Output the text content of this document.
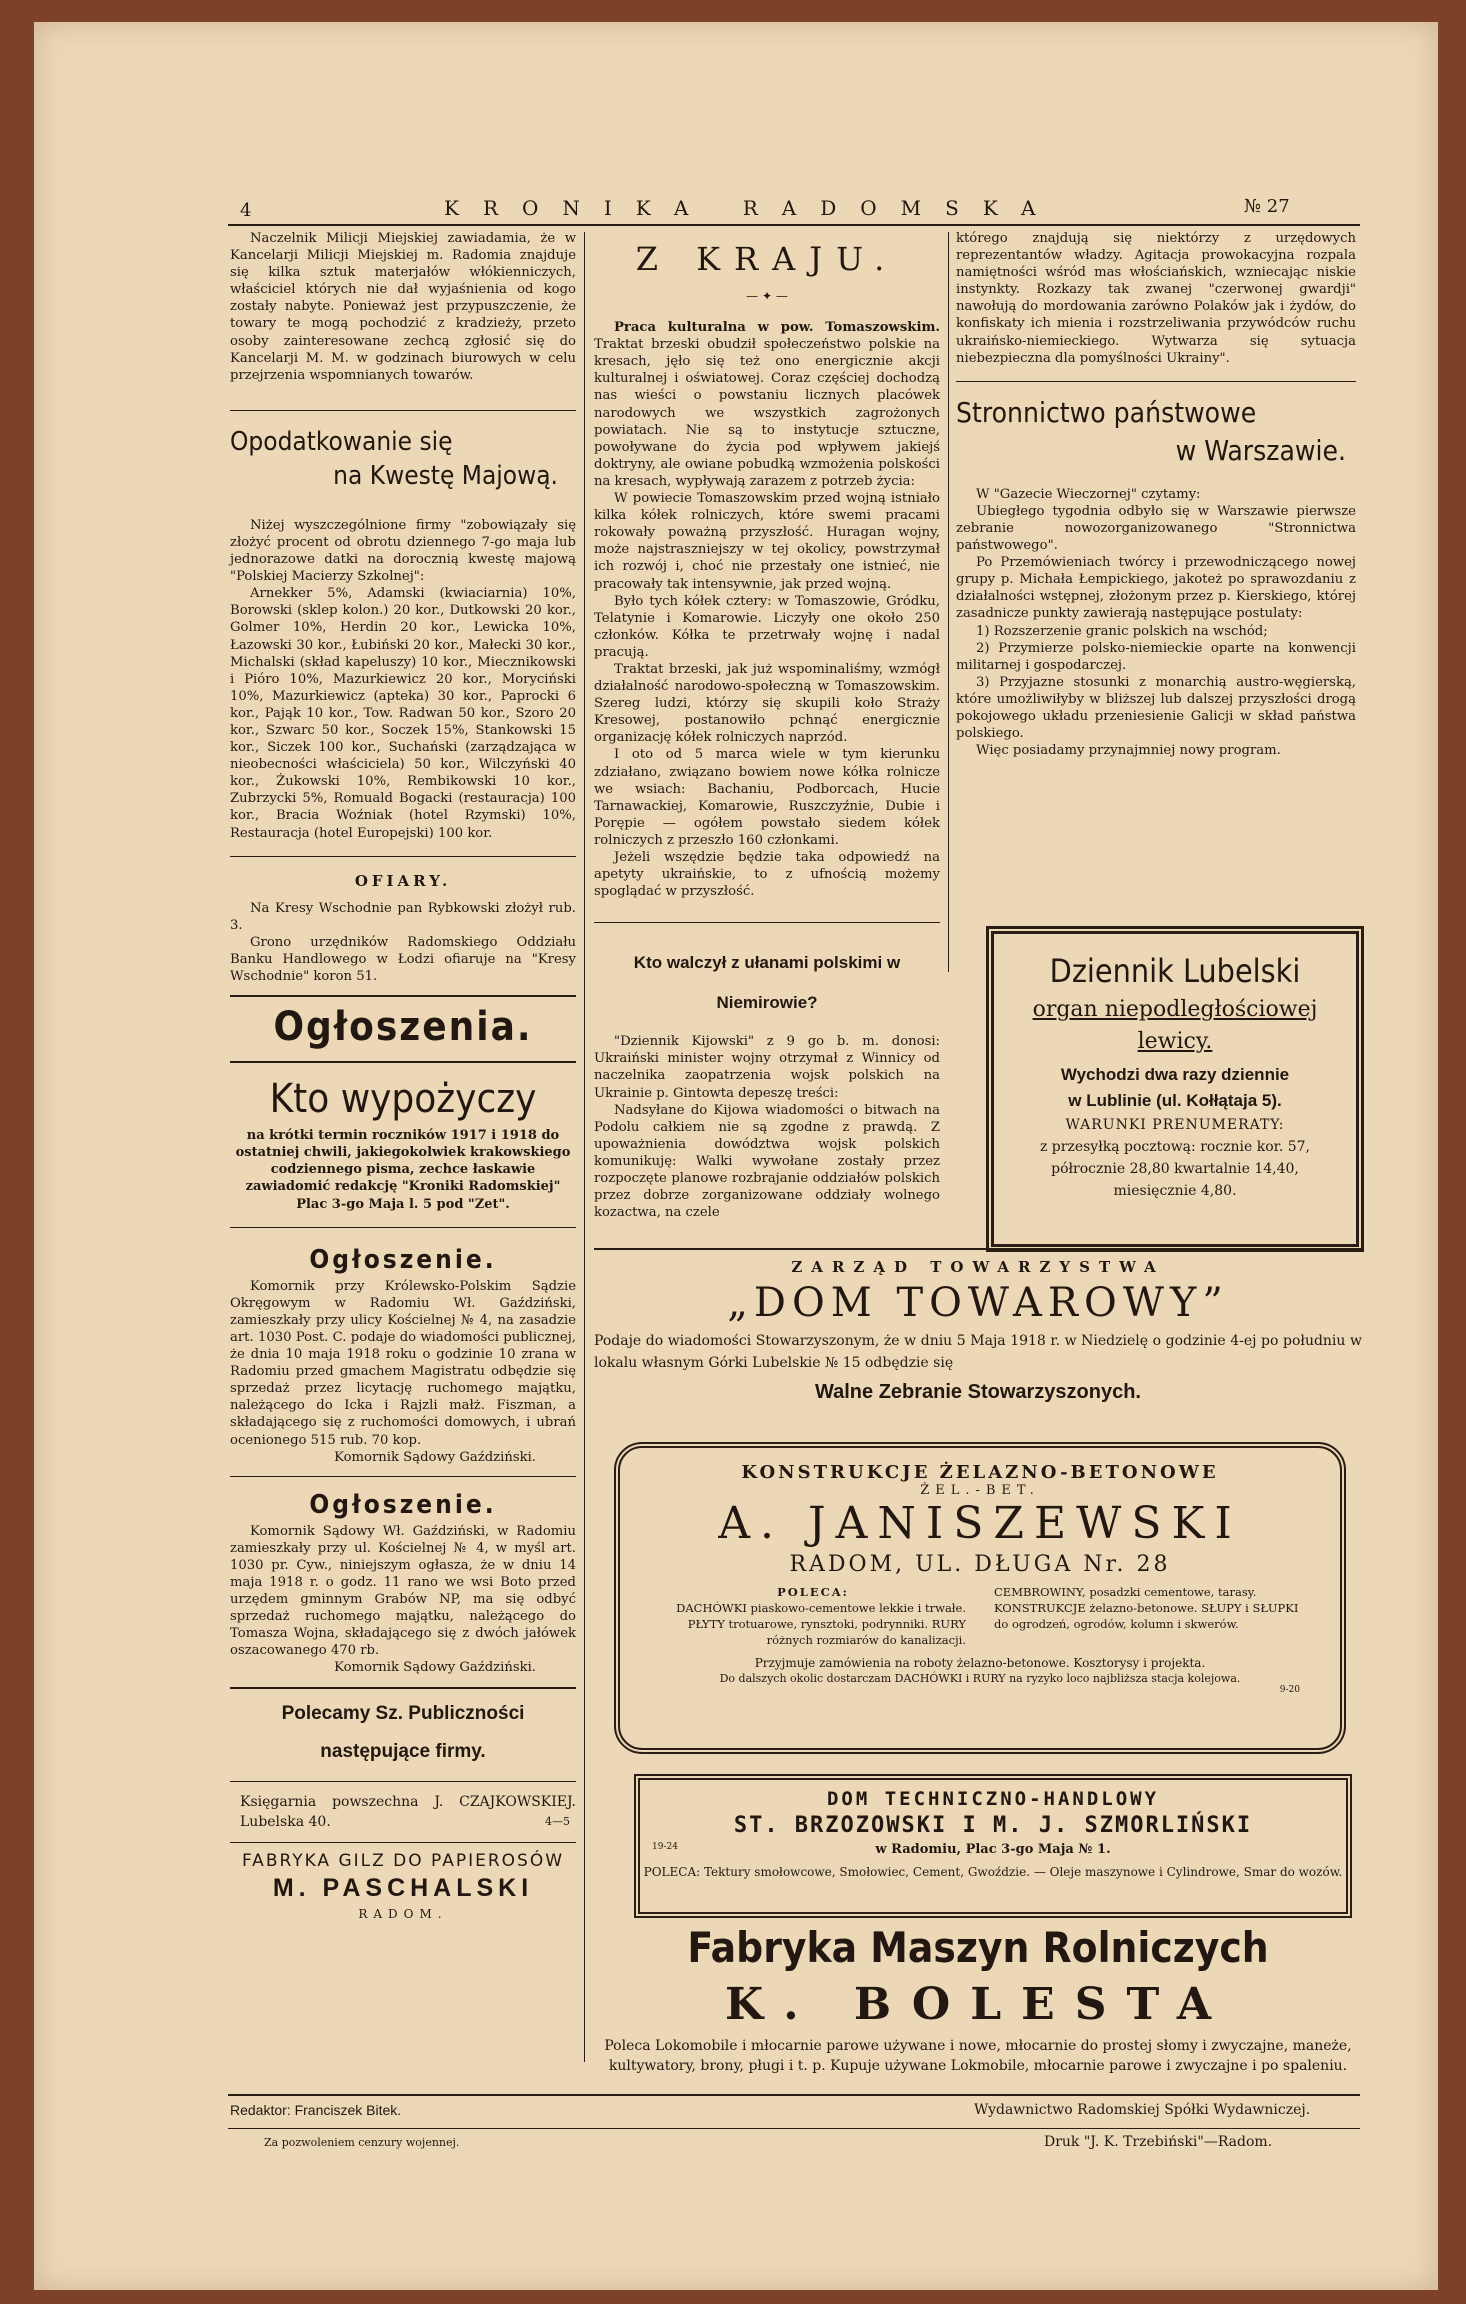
4	KRONIKA RADOMSKA	№ 27

Naczelnik Milicji Miejskiej zawiadamia, że w Kancelarji Milicji Miejskiej m. Radomia znajduje się kilka sztuk materjałów włókienniczych, właściciel których nie dał wyjaśnienia od kogo zostały nabyte. Ponieważ jest przypuszczenie, że towary te mogą pochodzić z kradzieży, przeto osoby zainteresowane zechcą zgłosić się do Kancelarji M. M. w godzinach biurowych w celu przejrzenia wspomnianych towarów.

Opodatkowanie się
na Kwestę Majową.

Niżej wyszczególnione firmy "zobowiązały się złożyć procent od obrotu dziennego 7-go maja lub jednorazowe datki na dorocznią kwestę majową "Polskiej Macierzy Szkolnej":

Arnekker 5%, Adamski (kwiaciarnia) 10%, Borowski (sklep kolon.) 20 kor., Dutkowski 20 kor., Golmer 10%, Herdin 20 kor., Lewicka 10%, Łazowski 30 kor., Łubiński 20 kor., Małecki 30 kor., Michalski (skład kapeluszy) 10 kor., Miecznikowski i Pióro 10%, Mazurkiewicz 20 kor., Moryciński 10%, Mazurkiewicz (apteka) 30 kor., Paprocki 6 kor., Pająk 10 kor., Tow. Radwan 50 kor., Szoro 20 kor., Szwarc 50 kor., Soczek 15%, Stankowski 15 kor., Siczek 100 kor., Suchański (zarządzająca w nieobecności właściciela) 50 kor., Wilczyński 40 kor., Żukowski 10%, Rembikowski 10 kor., Zubrzycki 5%, Romuald Bogacki (restauracja) 100 kor., Bracia Woźniak (hotel Rzymski) 10%, Restauracja (hotel Europejski) 100 kor.

OFIARY.

Na Kresy Wschodnie pan Rybkowski złożył rub. 3.

Grono urzędników Radomskiego Oddziału Banku Handlowego w Łodzi ofiaruje na "Kresy Wschodnie" koron 51.

Ogłoszenia.
Kto wypożyczy
na krótki termin roczników 1917 i 1918 do ostatniej chwili, jakiegokolwiek krakowskiego codziennego pisma, zechce łaskawie zawiadomić redakcję "Kroniki Radomskiej" Plac 3-go Maja l. 5 pod "Zet".
Ogłoszenie.

Komornik przy Królewsko-Polskim Sądzie Okręgowym w Radomiu Wł. Gaździński, zamieszkały przy ulicy Kościelnej № 4, na zasadzie art. 1030 Post. C. podaje do wiadomości publicznej, że dnia 10 maja 1918 roku o godzinie 10 zrana w Radomiu przed gmachem Magistratu odbędzie się sprzedaż przez licytację ruchomego majątku, należącego do Icka i Rajzli małż. Fiszman, a składającego się z ruchomości domowych, i ubrań ocenionego 515 rub. 70 kop.

Komornik Sądowy Gaździński.
Ogłoszenie.

Komornik Sądowy Wł. Gaździński, w Radomiu zamieszkały przy ul. Kościelnej № 4, w myśl art. 1030 pr. Cyw., niniejszym ogłasza, że w dniu 14 maja 1918 r. o godz. 11 rano we wsi Boto przed urzędem gminnym Grabów NP, ma się odbyć sprzedaż ruchomego majątku, należącego do Tomasza Wojna, składającego się z dwóch jałówek oszacowanego 470 rb.

Komornik Sądowy Gaździński.
Polecamy Sz. Publiczności następujące firmy.
Księgarnia powszechna J. CZAJKOWSKIEJ. Lubelska 40.	4—5
FABRYKA GILZ DO PAPIEROSÓW
M. PASCHALSKI
RADOM.
Z KRAJU.
— ✦ —

Praca kulturalna w pow. Tomaszowskim. Traktat brzeski obudził społeczeństwo polskie na kresach, jęło się też ono energicznie akcji kulturalnej i oświatowej. Coraz częściej dochodzą nas wieści o powstaniu licznych placówek narodowych we wszystkich zagrożonych powiatach. Nie są to instytucje sztuczne, powoływane do życia pod wpływem jakiejś doktryny, ale owiane pobudką wzmożenia polskości na kresach, wypływają zarazem z potrzeb życia:

W powiecie Tomaszowskim przed wojną istniało kilka kółek rolniczych, które swemi pracami rokowały poważną przyszłość. Huragan wojny, może najstraszniejszy w tej okolicy, powstrzymał ich rozwój i, choć nie przestały one istnieć, nie pracowały tak intensywnie, jak przed wojną.

Było tych kółek cztery: w Tomaszowie, Gródku, Telatynie i Komarowie. Liczyły one około 250 członków. Kółka te przetrwały wojnę i nadal pracują.

Traktat brzeski, jak już wspominaliśmy, wzmógł działalność narodowo-społeczną w Tomaszowskim. Szereg ludzi, którzy się skupili koło Straży Kresowej, postanowiło pchnąć energicznie organizację kółek rolniczych naprzód.

I oto od 5 marca wiele w tym kierunku zdziałano, związano bowiem nowe kółka rolnicze we wsiach: Bachaniu, Podborcach, Hucie Tarnawackiej, Komarowie, Ruszczyźnie, Dubie i Porępie — ogółem powstało siedem kółek rolniczych z przeszło 160 członkami.

Jeżeli wszędzie będzie taka odpowiedź na apetyty ukraińskie, to z ufnością możemy spoglądać w przyszłość.

Kto walczył z ułanami polskimi w Niemirowie?

"Dziennik Kijowski" z 9 go b. m. donosi: Ukraiński minister wojny otrzymał z Winnicy od naczelnika zaopatrzenia wojsk polskich na Ukrainie p. Gintowta depeszę treści:

Nadsyłane do Kijowa wiadomości o bitwach na Podolu całkiem nie są zgodne z prawdą. Z upoważnienia dowództwa wojsk polskich komunikuję: Walki wywołane zostały przez rozpoczęte planowe rozbrajanie oddziałów polskich przez dobrze zorganizowane oddziały wolnego kozactwa, na czele

którego znajdują się niektórzy z urzędowych reprezentantów władzy. Agitacja prowokacyjna rozpala namiętności wśród mas włościańskich, wzniecając niskie instynkty. Rozkazy tak zwanej "czerwonej gwardji" nawołują do mordowania zarówno Polaków jak i żydów, do konfiskaty ich mienia i rozstrzeliwania przywódców ruchu ukraińsko-niemieckiego. Wytwarza się sytuacja niebezpieczna dla pomyślności Ukrainy".

Stronnictwo państwowe
w Warszawie.

W "Gazecie Wieczornej" czytamy:

Ubiegłego tygodnia odbyło się w Warszawie pierwsze zebranie nowozorganizowanego "Stronnictwa państwowego".

Po Przemówieniach twórcy i przewodniczącego nowej grupy p. Michała Łempickiego, jakoteż po sprawozdaniu z działalności wstępnej, złożonym przez p. Kierskiego, której zasadnicze punkty zawierają następujące postulaty:

1) Rozszerzenie granic polskich na wschód;

2) Przymierze polsko-niemieckie oparte na konwencji militarnej i gospodarczej.

3) Przyjazne stosunki z monarchią austro-węgierską, które umożliwiłyby w bliższej lub dalszej przyszłości drogą pokojowego układu przeniesienie Galicji w skład państwa polskiego.

Więc posiadamy przynajmniej nowy program.

Dziennik Lubelski
organ niepodległościowej lewicy.
Wychodzi dwa razy dziennie
w Lublinie (ul. Kołłątaja 5).
WARUNKI PRENUMERATY:
z przesyłką pocztową: rocznie kor. 57, półrocznie 28,80 kwartalnie 14,40, miesięcznie 4,80.
ZARZĄD TOWARZYSTWA
„DOM TOWAROWY”
Podaje do wiadomości Stowarzyszonym, że w dniu 5 Maja 1918 r. w Niedzielę o godzinie 4-ej po południu w lokalu własnym Górki Lubelskie № 15 odbędzie się
Walne Zebranie Stowarzyszonych.
KONSTRUKCJE ŻELAZNO-BETONOWE
ŻEL.-BET.
A. JANISZEWSKI
RADOM, UL. DŁUGA Nr. 28
POLECA:
DACHÓWKI piaskowo-cementowe lekkie i trwałe. PŁYTY trotuarowe, rynsztoki, podrynniki. RURY różnych rozmiarów do kanalizacji.
CEMBROWINY, posadzki cementowe, tarasy. KONSTRUKCJE żelazno-betonowe. SŁUPY i SŁUPKI do ogrodzeń, ogrodów, kolumn i skwerów.
Przyjmuje zamówienia na roboty żelazno-betonowe. Kosztorysy i projekta.
Do dalszych okolic dostarczam DACHÓWKI i RURY na ryzyko loco najbliższa stacja kolejowa.
9-20
DOM TECHNICZNO-HANDLOWY
ST. BRZOZOWSKI I M. J. SZMORLIŃSKI
19-24	w Radomiu, Plac 3-go Maja № 1.
POLECA: Tektury smołowcowe, Smołowiec, Cement, Gwoździe. — Oleje maszynowe i Cylindrowe, Smar do wozów.
Fabryka Maszyn Rolniczych
K. BOLESTA
Poleca Lokomobile i młocarnie parowe używane i nowe, młocarnie do prostej słomy i zwyczajne, maneże, kultywatory, brony, pługi i t. p. Kupuje używane Lokmobile, młocarnie parowe i zwyczajne i po spaleniu.
Redaktor: Franciszek Bitek.	Wydawnictwo Radomskiej Spółki Wydawniczej.
Za pozwoleniem cenzury wojennej.	Druk "J. K. Trzebiński"—Radom.
